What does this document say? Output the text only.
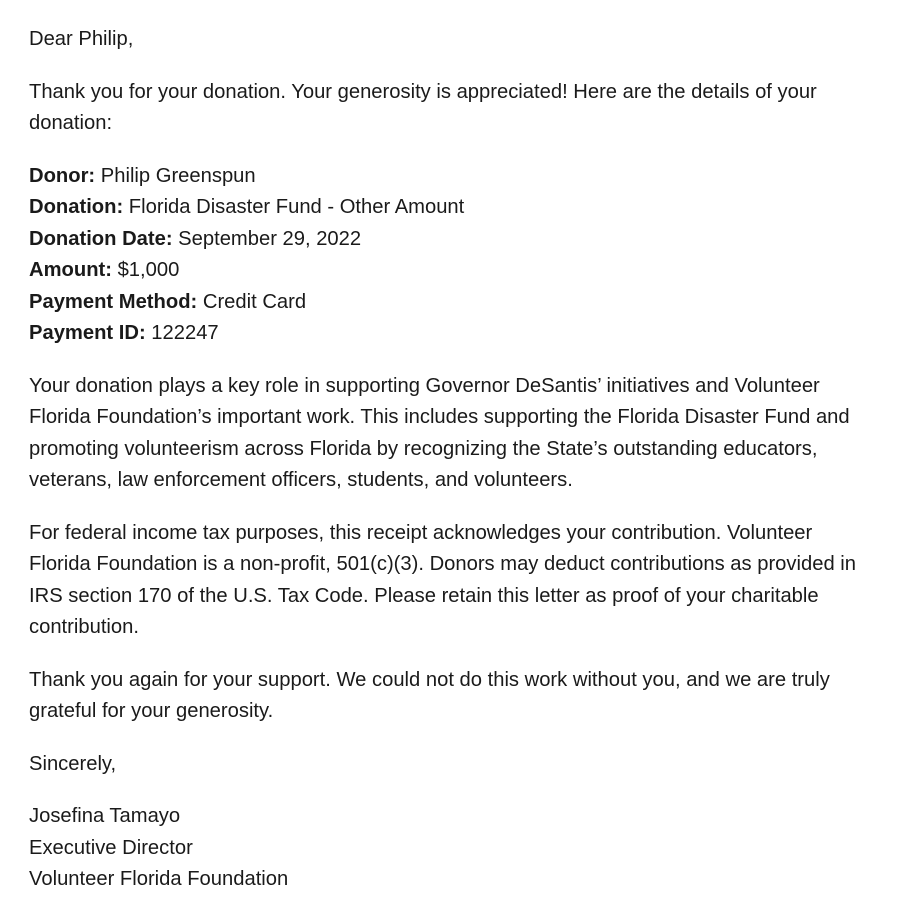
Dear Philip,

Thank you for your donation. Your generosity is appreciated! Here are the details of your donation:

Donor: Philip Greenspun
Donation: Florida Disaster Fund - Other Amount
Donation Date: September 29, 2022
Amount: $1,000
Payment Method: Credit Card
Payment ID: 122247

Your donation plays a key role in supporting Governor DeSantis’ initiatives and Volunteer Florida Foundation’s important work. This includes supporting the Florida Disaster Fund and promoting volunteerism across Florida by recognizing the State’s outstanding educators, veterans, law enforcement officers, students, and volunteers.

For federal income tax purposes, this receipt acknowledges your contribution. Volunteer Florida Foundation is a non-profit, 501(c)(3). Donors may deduct contributions as provided in IRS section 170 of the U.S. Tax Code. Please retain this letter as proof of your charitable contribution.

Thank you again for your support. We could not do this work without you, and we are truly grateful for your generosity.

Sincerely,

Josefina Tamayo
Executive Director
Volunteer Florida Foundation
